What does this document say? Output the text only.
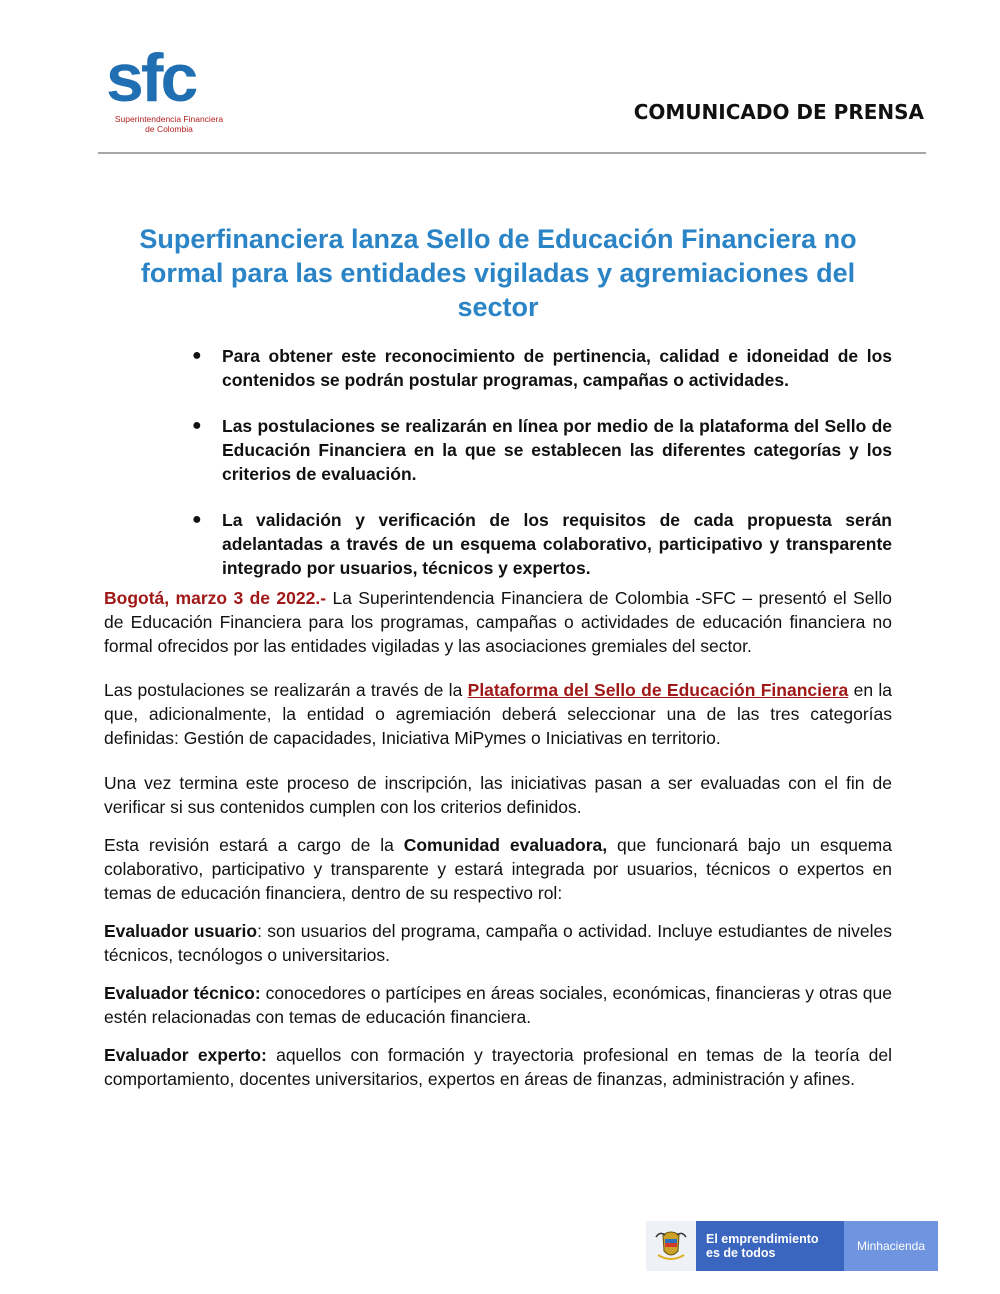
sfc
Superintendencia Financiera
de Colombia
COMUNICADO DE PRENSA
Superfinanciera lanza Sello de Educación Financiera no formal para las entidades vigiladas y agremiaciones del sector
● Para obtener este reconocimiento de pertinencia, calidad e idoneidad de los contenidos se podrán postular programas, campañas o actividades.
● Las postulaciones se realizarán en línea por medio de la plataforma del Sello de Educación Financiera en la que se establecen las diferentes categorías y los criterios de evaluación.
● La validación y verificación de los requisitos de cada propuesta serán adelantadas a través de un esquema colaborativo, participativo y transparente integrado por usuarios, técnicos y expertos.

Bogotá, marzo 3 de 2022.- La Superintendencia Financiera de Colombia -SFC – presentó el Sello de Educación Financiera para los programas, campañas o actividades de educación financiera no formal ofrecidos por las entidades vigiladas y las asociaciones gremiales del sector.

Las postulaciones se realizarán a través de la Plataforma del Sello de Educación Financiera en la que, adicionalmente, la entidad o agremiación deberá seleccionar una de las tres categorías definidas: Gestión de capacidades, Iniciativa MiPymes o Iniciativas en territorio.

Una vez termina este proceso de inscripción, las iniciativas pasan a ser evaluadas con el fin de verificar si sus contenidos cumplen con los criterios definidos.

Esta revisión estará a cargo de la Comunidad evaluadora, que funcionará bajo un esquema colaborativo, participativo y transparente y estará integrada por usuarios, técnicos o expertos en temas de educación financiera, dentro de su respectivo rol:

Evaluador usuario: son usuarios del programa, campaña o actividad. Incluye estudiantes de niveles técnicos, tecnólogos o universitarios.

Evaluador técnico: conocedores o partícipes en áreas sociales, económicas, financieras y otras que estén relacionadas con temas de educación financiera.

Evaluador experto: aquellos con formación y trayectoria profesional en temas de la teoría del comportamiento, docentes universitarios, expertos en áreas de finanzas, administración y afines.

El emprendimiento
es de todos	Minhacienda
